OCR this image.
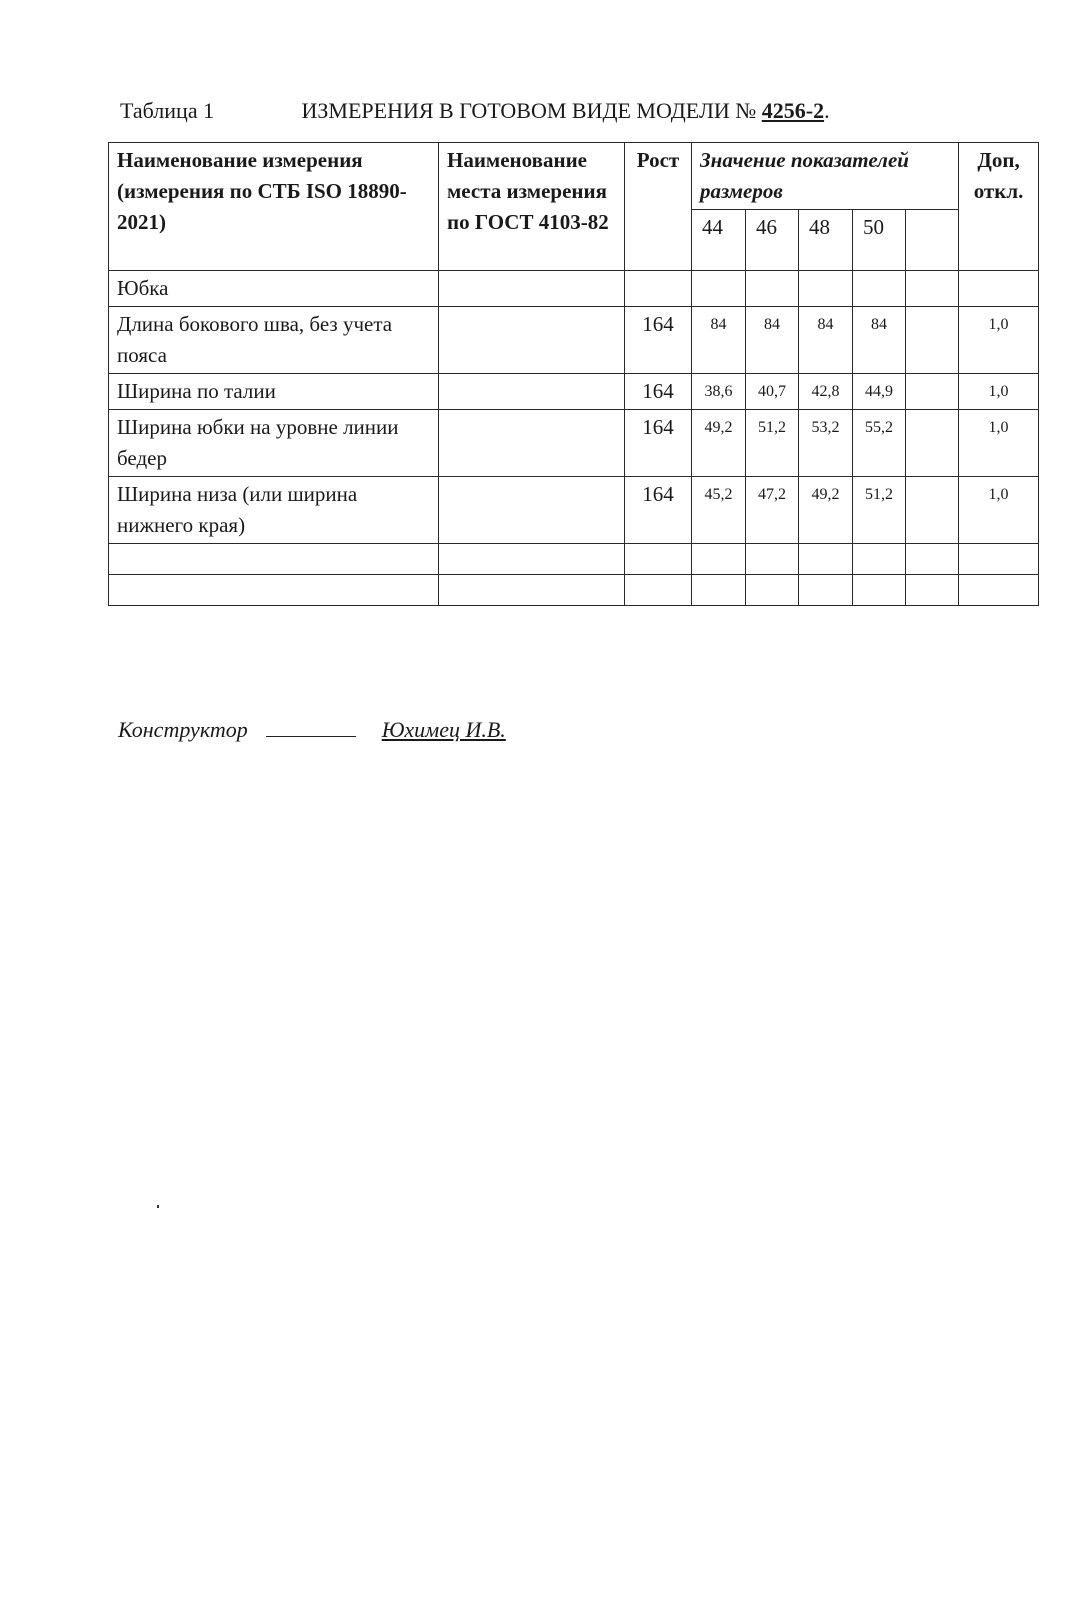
Таблица 1	ИЗМЕРЕНИЯ В ГОТОВОМ ВИДЕ МОДЕЛИ № 4256-2.
Наименование измерения (измерения по СТБ ISO 18890-2021)	Наименование места измерения по ГОСТ 4103-82	Рост	Значение показателей размеров					Доп, откл.
			44	46	48	50		
Юбка								
Длина бокового шва, без учета пояса		164	84	84	84	84		1,0
Ширина по талии		164	38,6	40,7	42,8	44,9		1,0
Ширина юбки на уровне линии бедер		164	49,2	51,2	53,2	55,2		1,0
Ширина низа (или ширина нижнего края)		164	45,2	47,2	49,2	51,2		1,0

Конструктор	Юхимец И.В.
